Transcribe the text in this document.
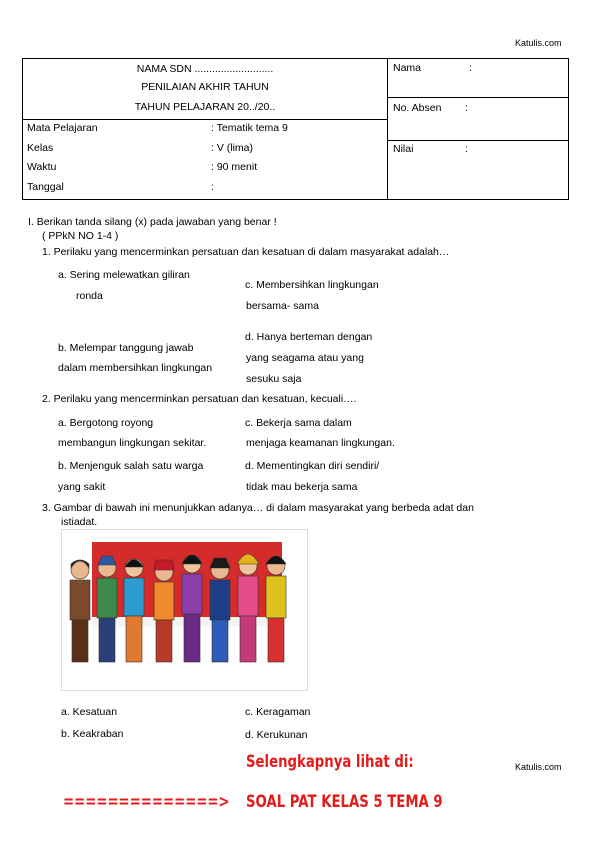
Katulis.com
NAMA SDN ...........................
PENILAIAN AKHIR TAHUN
TAHUN PELAJARAN 20../20..
Mata Pelajaran	: Tematik tema 9
Kelas	: V (lima)
Waktu	: 90 menit
Tanggal	:
Nama	:
No. Absen :
Nilai	:
I. Berikan tanda silang (x) pada jawaban yang benar !
( PPkN NO 1-4 )
1. Perilaku yang mencerminkan persatuan dan kesatuan di dalam masyarakat adalah…
a. Sering melewatkan giliran
ronda
c. Membersihkan lingkungan
bersama- sama
d. Hanya berteman dengan
yang seagama atau yang
sesuku saja
b. Melempar tanggung jawab
dalam membersihkan lingkungan
2. Perilaku yang mencerminkan persatuan dan kesatuan, kecuali….
a. Bergotong royong
membangun lingkungan sekitar.
c. Bekerja sama dalam
menjaga keamanan lingkungan.
b. Menjenguk salah satu warga
yang sakit
d. Mementingkan diri sendiri/
tidak mau bekerja sama
3. Gambar di bawah ini menunjukkan adanya… di dalam masyarakat yang berbeda adat dan
istiadat.
a. Kesatuan	c. Keragaman
b. Keakraban	d. Kerukunan
Selengkapnya lihat di:	Katulis.com
==============> SOAL PAT KELAS 5 TEMA 9
